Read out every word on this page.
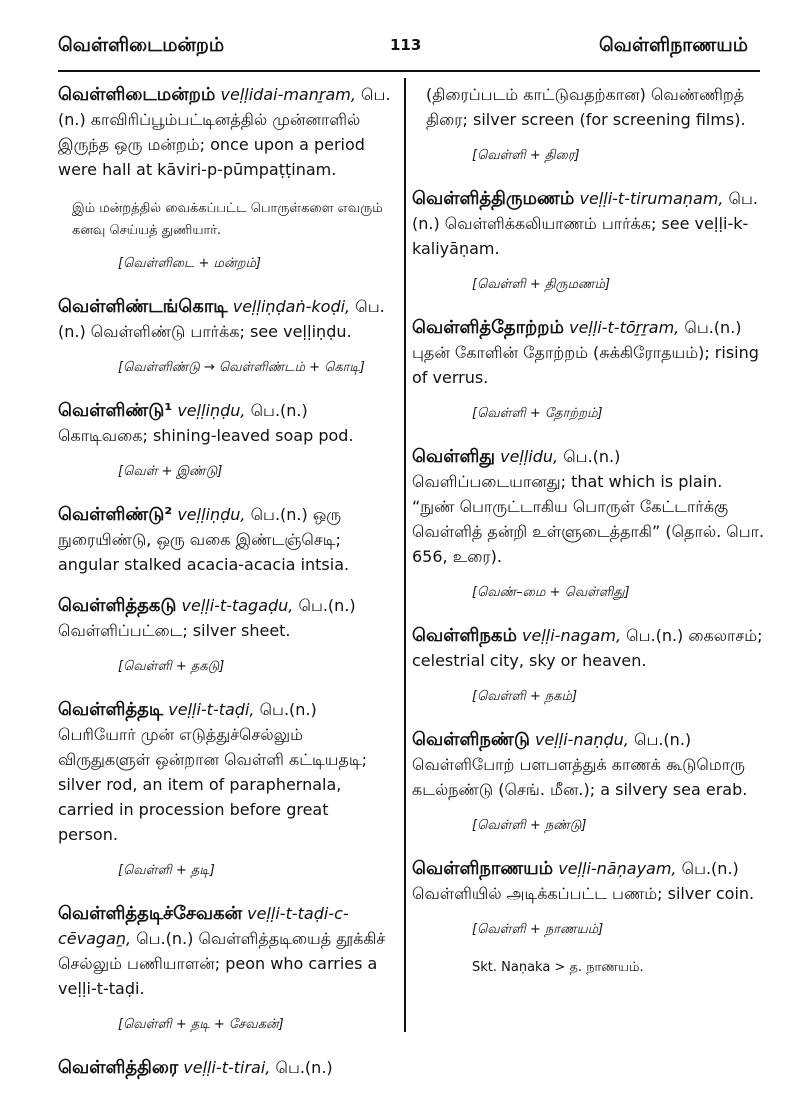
வெள்ளிடைமன்றம்	113	வெள்ளிநாணயம்

வெள்ளிடைமன்றம் veḷḷidai-manṟam, பெ.(n.) காவிரிப்பூம்பட்டினத்தில் முன்னாளில் இருந்த ஒரு மன்றம்; once upon a period were hall at kāviri-p-pūmpaṭṭinam.

இம் மன்றத்தில் வைக்கப்பட்ட பொருள்களை எவரும் கனவு செய்யத் துணியார்.

[வெள்ளிடை + மன்றம்]

வெள்ளிண்டங்கொடி veḷḷiṇḍaṅ-koḍi, பெ.(n.) வெள்ளிண்டு பார்க்க; see veḷḷiṇḍu.

[வெள்ளிண்டு → வெள்ளிண்டம் + கொடி]

வெள்ளிண்டு¹ veḷḷiṇḍu, பெ.(n.) கொடிவகை; shining-leaved soap pod.

[வெள் + இண்டு]

வெள்ளிண்டு² veḷḷiṇḍu, பெ.(n.) ஒரு நுரையிண்டு, ஒரு வகை இண்டஞ்செடி; angular stalked acacia-acacia intsia.

வெள்ளித்தகடு veḷḷi-t-tagaḍu, பெ.(n.) வெள்ளிப்பட்டை; silver sheet.

[வெள்ளி + தகடு]

வெள்ளித்தடி veḷḷi-t-taḍi, பெ.(n.) பெரியோர் முன் எடுத்துச்செல்லும் விருதுகளுள் ஒன்றான வெள்ளி கட்டியதடி; silver rod, an item of paraphernala, carried in procession before great person.

[வெள்ளி + தடி]

வெள்ளித்தடிச்சேவகன் veḷḷi-t-taḍi-c-cēvagaṉ, பெ.(n.) வெள்ளித்தடியைத் தூக்கிச் செல்லும் பணியாளன்; peon who carries a veḷḷi-t-taḍi.

[வெள்ளி + தடி + சேவகன்]

வெள்ளித்திரை veḷḷi-t-tirai, பெ.(n.)

(திரைப்படம் காட்டுவதற்கான) வெண்ணிறத் திரை; silver screen (for screening films).

[வெள்ளி + திரை]

வெள்ளித்திருமணம் veḷḷi-t-tirumaṇam, பெ.(n.) வெள்ளிக்கலியாணம் பார்க்க; see veḷḷi-k-kaliyāṇam.

[வெள்ளி + திருமணம்]

வெள்ளித்தோற்றம் veḷḷi-t-tōṟṟam, பெ.(n.) புதன் கோளின் தோற்றம் (சுக்கிரோதயம்); rising of verrus.

[வெள்ளி + தோற்றம்]

வெள்ளிது veḷḷidu, பெ.(n.) வெளிப்படையானது; that which is plain. “நுண் பொருட்டாகிய பொருள் கேட்டார்க்கு வெள்ளித் தன்றி உள்ளுடைத்தாகி” (தொல். பொ. 656, உரை).

[வெண்–மை + வெள்ளிது]

வெள்ளிநகம் veḷḷi-nagam, பெ.(n.) கைலாசம்; celestrial city, sky or heaven.

[வெள்ளி + நகம்]

வெள்ளிநண்டு veḷḷi-naṇḍu, பெ.(n.) வெள்ளிபோற் பளபளத்துக் காணக் கூடுமொரு கடல்நண்டு (செங். மீன.); a silvery sea erab.

[வெள்ளி + நண்டு]

வெள்ளிநாணயம் veḷḷi-nāṇayam, பெ.(n.) வெள்ளியில் அடிக்கப்பட்ட பணம்; silver coin.

[வெள்ளி + நாணயம்]

Skt. Naṇaka > த. நாணயம்.
